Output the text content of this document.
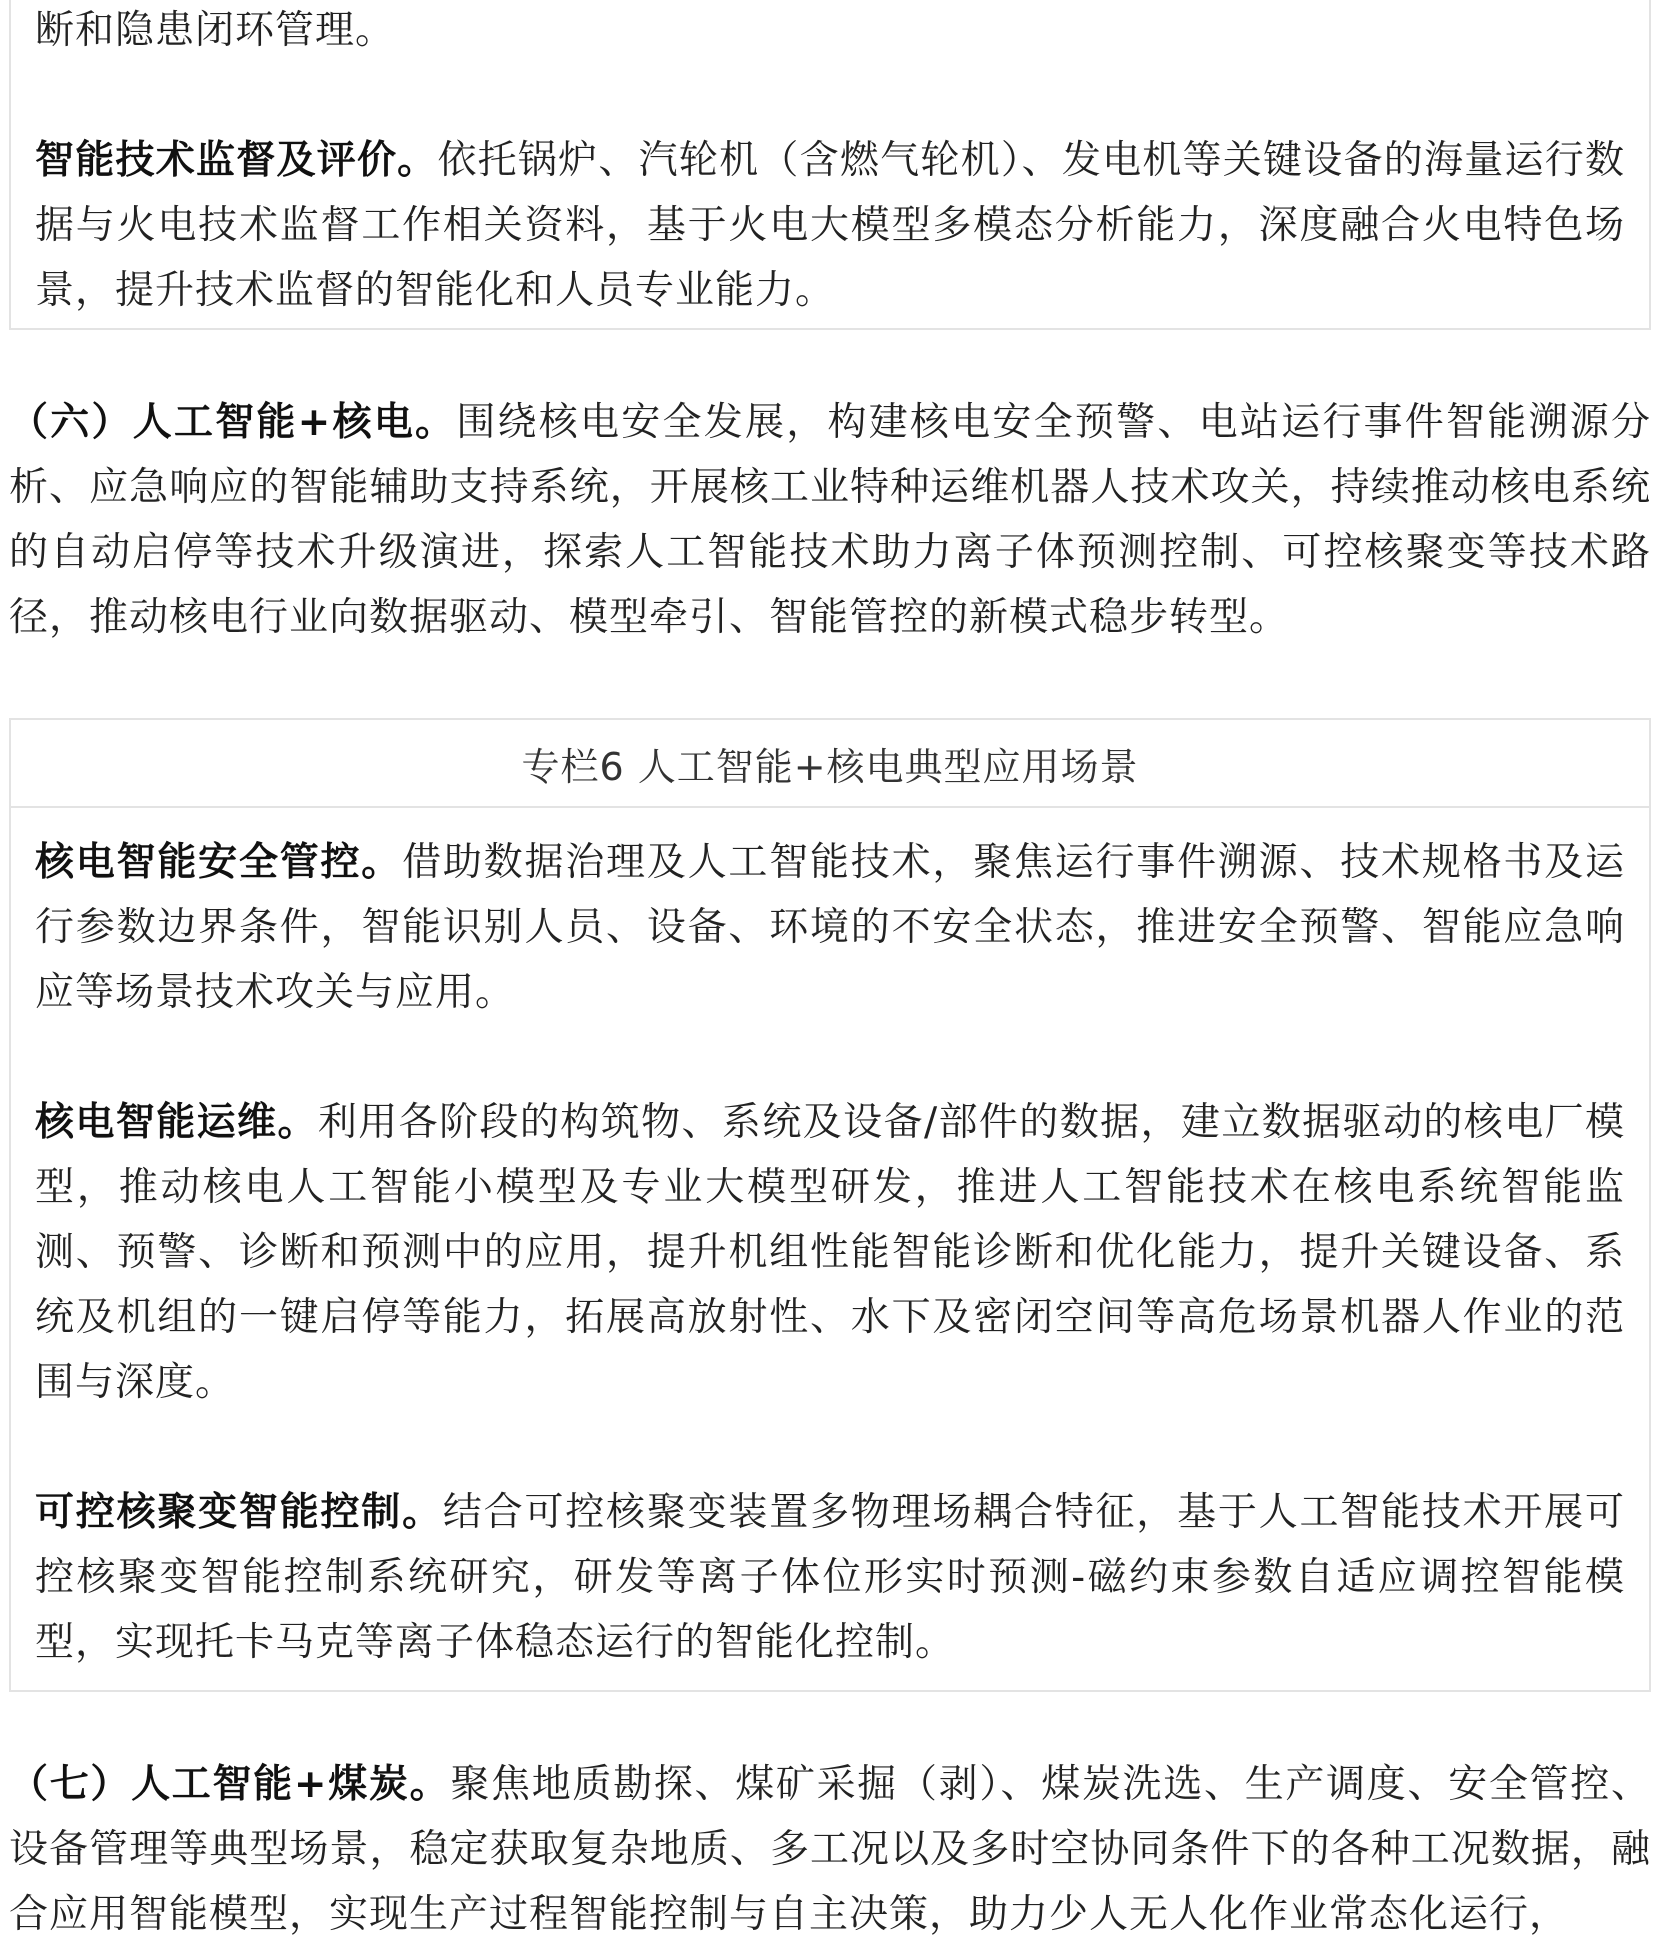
断和隐患闭环管理。

智能技术监督及评价。依托锅炉、汽轮机（含燃气轮机）、发电机等关键设备的海量运行数据与火电技术监督工作相关资料，基于火电大模型多模态分析能力，深度融合火电特色场景，提升技术监督的智能化和人员专业能力。

（六）人工智能+核电。围绕核电安全发展，构建核电安全预警、电站运行事件智能溯源分析、应急响应的智能辅助支持系统，开展核工业特种运维机器人技术攻关，持续推动核电系统的自动启停等技术升级演进，探索人工智能技术助力离子体预测控制、可控核聚变等技术路径，推动核电行业向数据驱动、模型牵引、智能管控的新模式稳步转型。

专栏6 人工智能+核电典型应用场景

核电智能安全管控。借助数据治理及人工智能技术，聚焦运行事件溯源、技术规格书及运行参数边界条件，智能识别人员、设备、环境的不安全状态，推进安全预警、智能应急响应等场景技术攻关与应用。

核电智能运维。利用各阶段的构筑物、系统及设备/部件的数据，建立数据驱动的核电厂模型，推动核电人工智能小模型及专业大模型研发，推进人工智能技术在核电系统智能监测、预警、诊断和预测中的应用，提升机组性能智能诊断和优化能力，提升关键设备、系统及机组的一键启停等能力，拓展高放射性、水下及密闭空间等高危场景机器人作业的范围与深度。

可控核聚变智能控制。结合可控核聚变装置多物理场耦合特征，基于人工智能技术开展可控核聚变智能控制系统研究，研发等离子体位形实时预测-磁约束参数自适应调控智能模型，实现托卡马克等离子体稳态运行的智能化控制。

（七）人工智能+煤炭。聚焦地质勘探、煤矿采掘（剥）、煤炭洗选、生产调度、安全管控、设备管理等典型场景，稳定获取复杂地质、多工况以及多时空协同条件下的各种工况数据，融合应用智能模型，实现生产过程智能控制与自主决策，助力少人无人化作业常态化运行，
